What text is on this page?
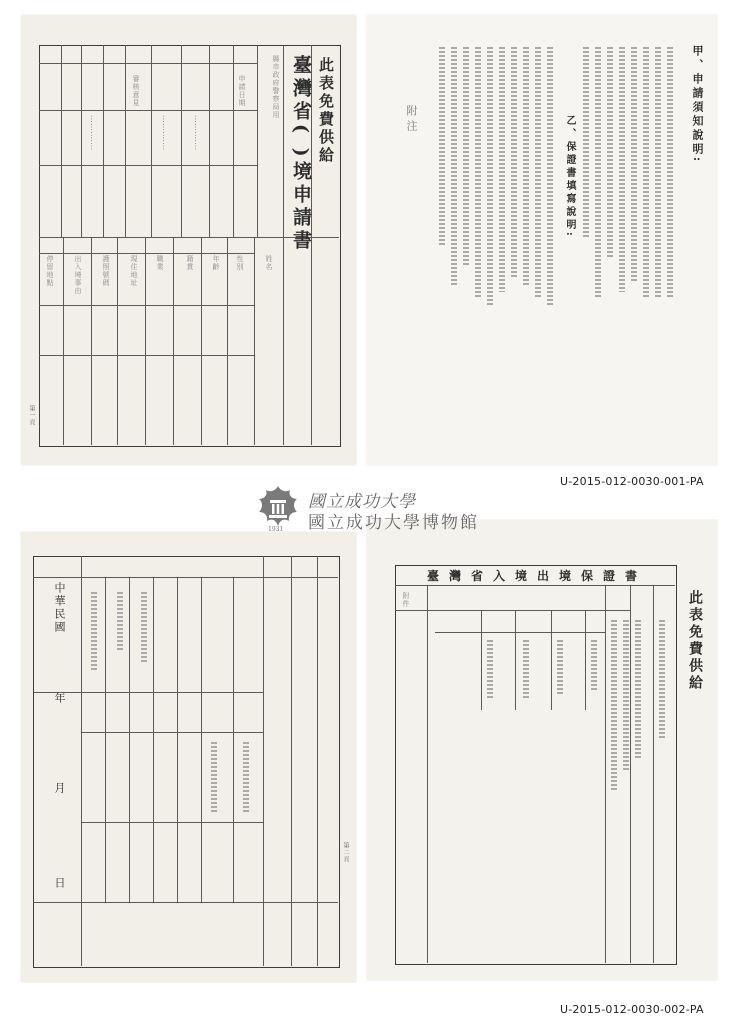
此表免費供給
臺灣省( )境申請書
縣市政府警察局用
姓名
性別
年齡
籍貫
職業
現住地址
護照號碼
出入境事由
停留地點
申請日期
審核意見
‧‧‧‧‧‧‧‧‧‧‧‧‧
‧‧‧‧‧‧‧‧‧‧‧‧‧
‧‧‧‧‧‧‧‧‧‧‧‧‧
第一頁
甲、申請須知說明:
乙、保證書填寫說明:
附注
中華民國
年
月
日
第二頁
臺灣省入境出境保證書
此表免費供給
附件
1931
國立成功大學
國立成功大學博物館
U-2015-012-0030-001-PA
U-2015-012-0030-002-PA
